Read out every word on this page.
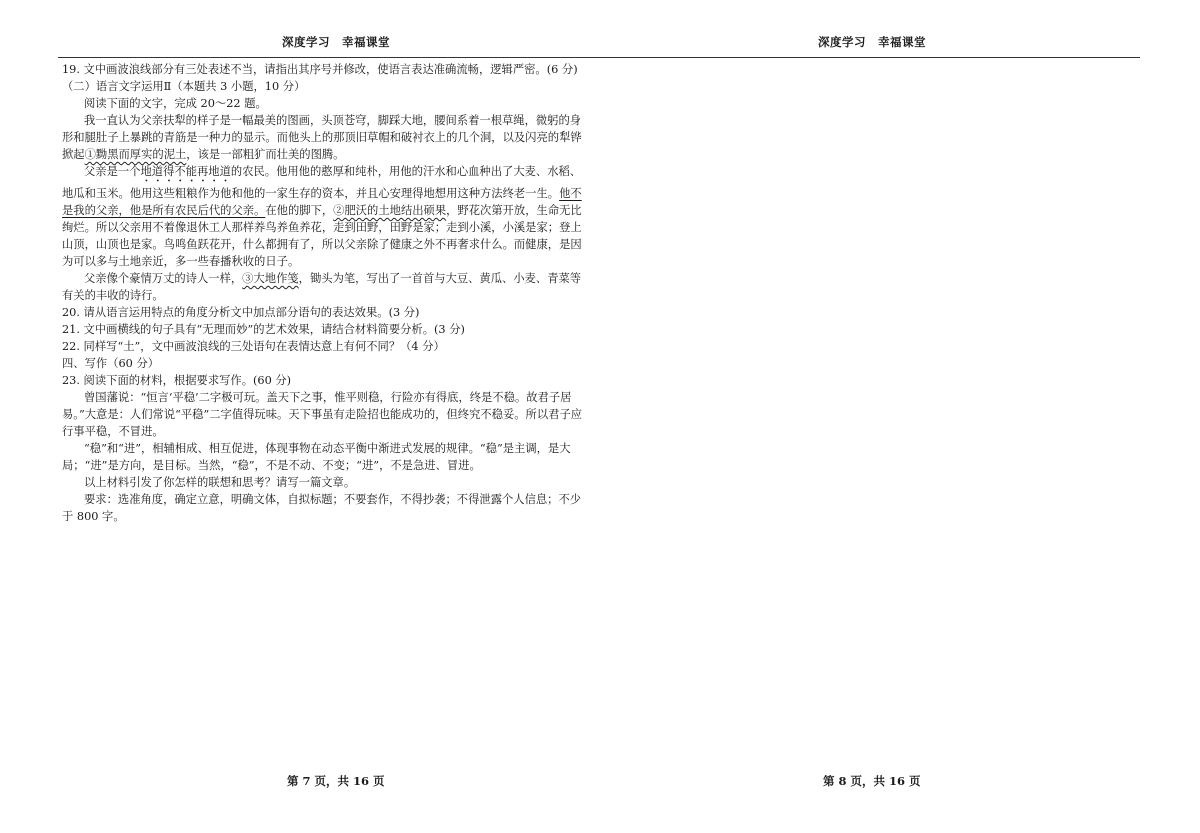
深度学习　幸福课堂	深度学习　幸福课堂

19. 文中画波浪线部分有三处表述不当，请指出其序号并修改，使语言表达准确流畅，逻辑严密。(6 分)

（二）语言文字运用Ⅱ（本题共 3 小题，10 分）

阅读下面的文字，完成 20～22 题。

我一直认为父亲扶犁的样子是一幅最美的图画，头顶苍穹，脚踩大地，腰间系着一根草绳，微躬的身形和腿肚子上暴跳的青筋是一种力的显示。而他头上的那顶旧草帽和破衬衣上的几个洞，以及闪亮的犁铧掀起①黝黑而厚实的泥土，该是一部粗犷而壮美的图腾。

父亲是一个地道得不能再地道的农民。他用他的憨厚和纯朴，用他的汗水和心血种出了大麦、水稻、地瓜和玉米。他用这些粗粮作为他和他的一家生存的资本，并且心安理得地想用这种方法终老一生。他不是我的父亲，他是所有农民后代的父亲。在他的脚下，②肥沃的土地结出硕果，野花次第开放，生命无比绚烂。所以父亲用不着像退休工人那样养鸟养鱼养花，走到田野，田野是家；走到小溪，小溪是家；登上山顶，山顶也是家。鸟鸣鱼跃花开，什么都拥有了，所以父亲除了健康之外不再奢求什么。而健康，是因为可以多与土地亲近，多一些春播秋收的日子。

父亲像个豪情万丈的诗人一样，③大地作笺，锄头为笔，写出了一首首与大豆、黄瓜、小麦、青菜等有关的丰收的诗行。

20. 请从语言运用特点的角度分析文中加点部分语句的表达效果。(3 分)

21. 文中画横线的句子具有“无理而妙”的艺术效果，请结合材料简要分析。(3 分)

22. 同样写“土”，文中画波浪线的三处语句在表情达意上有何不同？（4 分）

四、写作（60 分）

23. 阅读下面的材料，根据要求写作。(60 分)

曾国藩说：“恒言‘平稳’二字极可玩。盖天下之事，惟平则稳，行险亦有得底，终是不稳。故君子居易。”大意是：人们常说“平稳”二字值得玩味。天下事虽有走险招也能成功的，但终究不稳妥。所以君子应行事平稳，不冒进。

“稳”和“进”，相辅相成、相互促进，体现事物在动态平衡中渐进式发展的规律。“稳”是主调，是大局；“进”是方向，是目标。当然，“稳”，不是不动、不变；“进”，不是急进、冒进。

以上材料引发了你怎样的联想和思考？请写一篇文章。

要求：选准角度，确定立意，明确文体，自拟标题；不要套作，不得抄袭；不得泄露个人信息；不少于 800 字。

第 7 页，共 16 页	第 8 页，共 16 页
